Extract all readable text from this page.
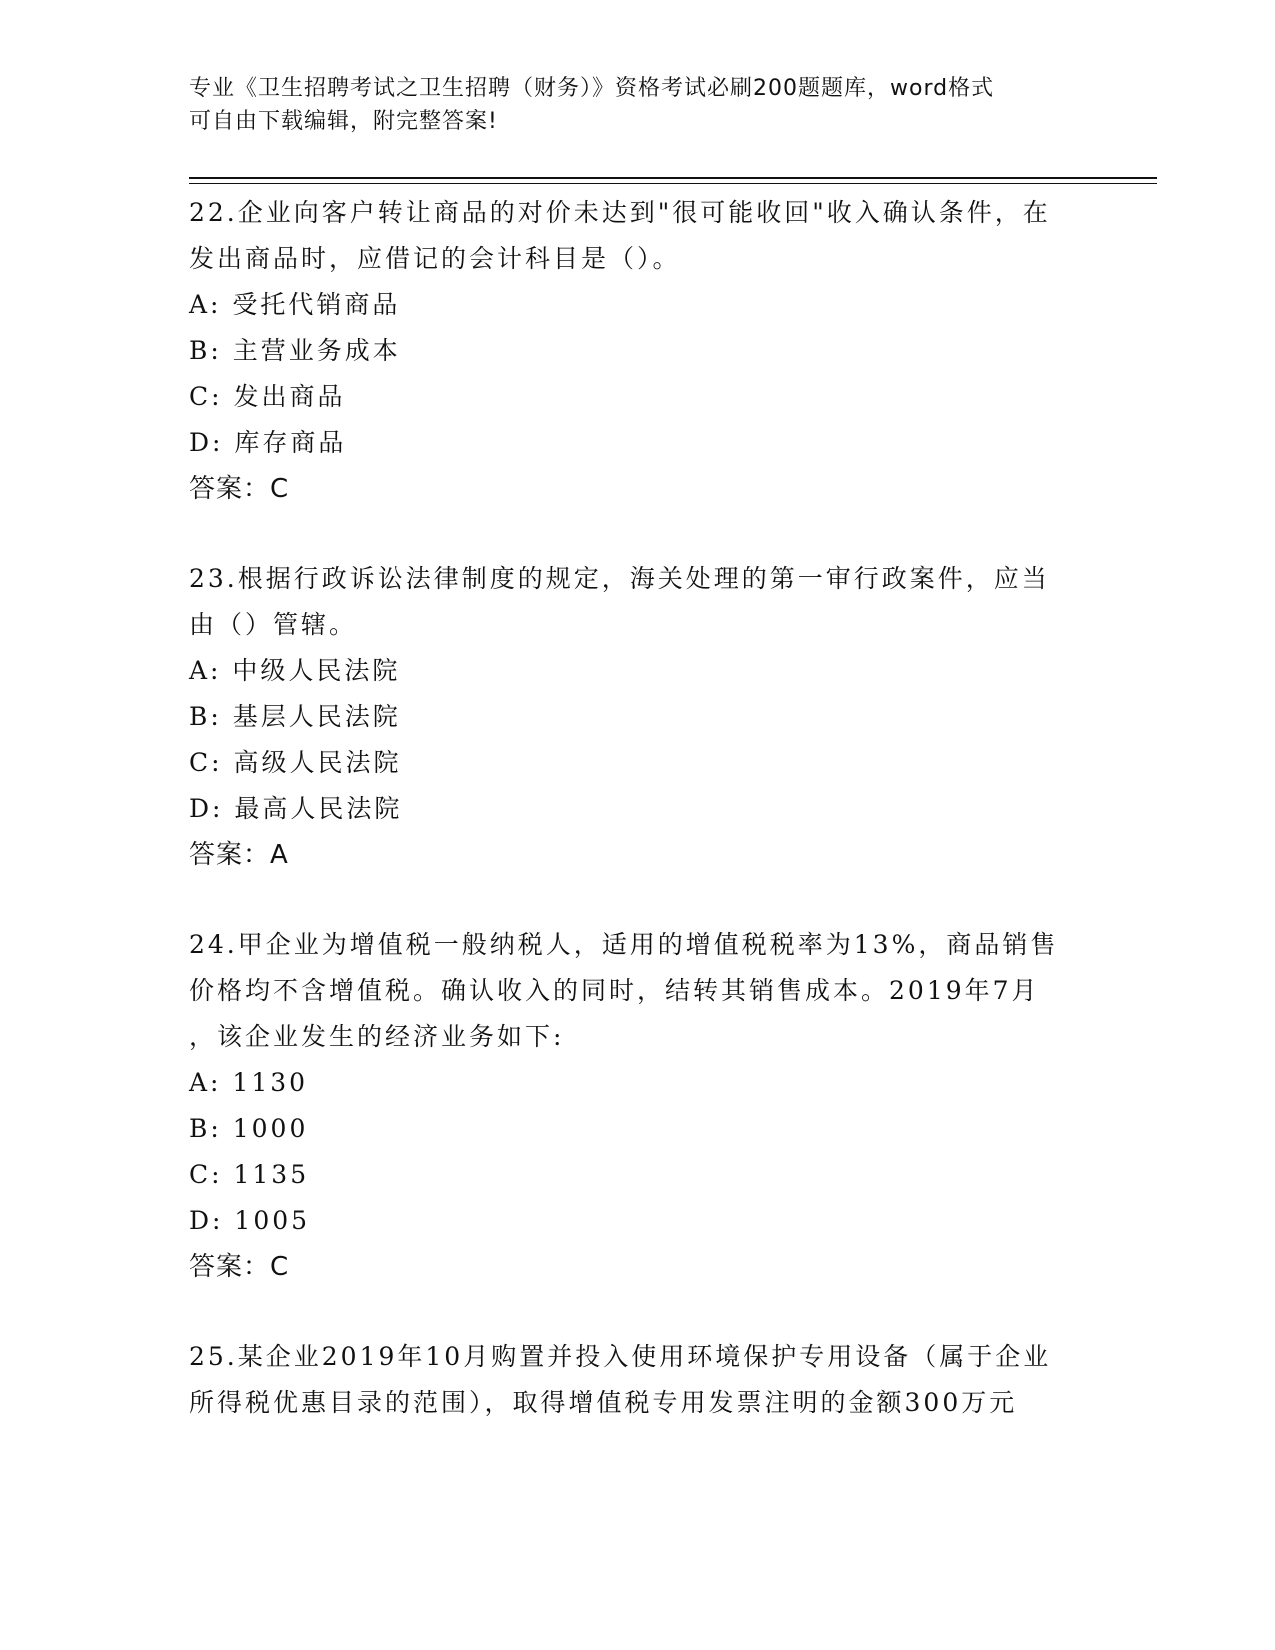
专业《卫生招聘考试之卫生招聘（财务）》资格考试必刷200题题库，word格式
可自由下载编辑，附完整答案!

22.企业向客户转让商品的对价未达到"很可能收回"收入确认条件，在

发出商品时，应借记的会计科目是（）。

A: 受托代销商品

B: 主营业务成本

C: 发出商品

D: 库存商品

答案：C

23.根据行政诉讼法律制度的规定，海关处理的第一审行政案件，应当

由（）管辖。

A: 中级人民法院

B: 基层人民法院

C: 高级人民法院

D: 最高人民法院

答案：A

24.甲企业为增值税一般纳税人，适用的增值税税率为13%，商品销售

价格均不含增值税。确认收入的同时，结转其销售成本。2019年7月

，该企业发生的经济业务如下:

A: 1130

B: 1000

C: 1135

D: 1005

答案：C

25.某企业2019年10月购置并投入使用环境保护专用设备（属于企业

所得税优惠目录的范围），取得增值税专用发票注明的金额300万元
